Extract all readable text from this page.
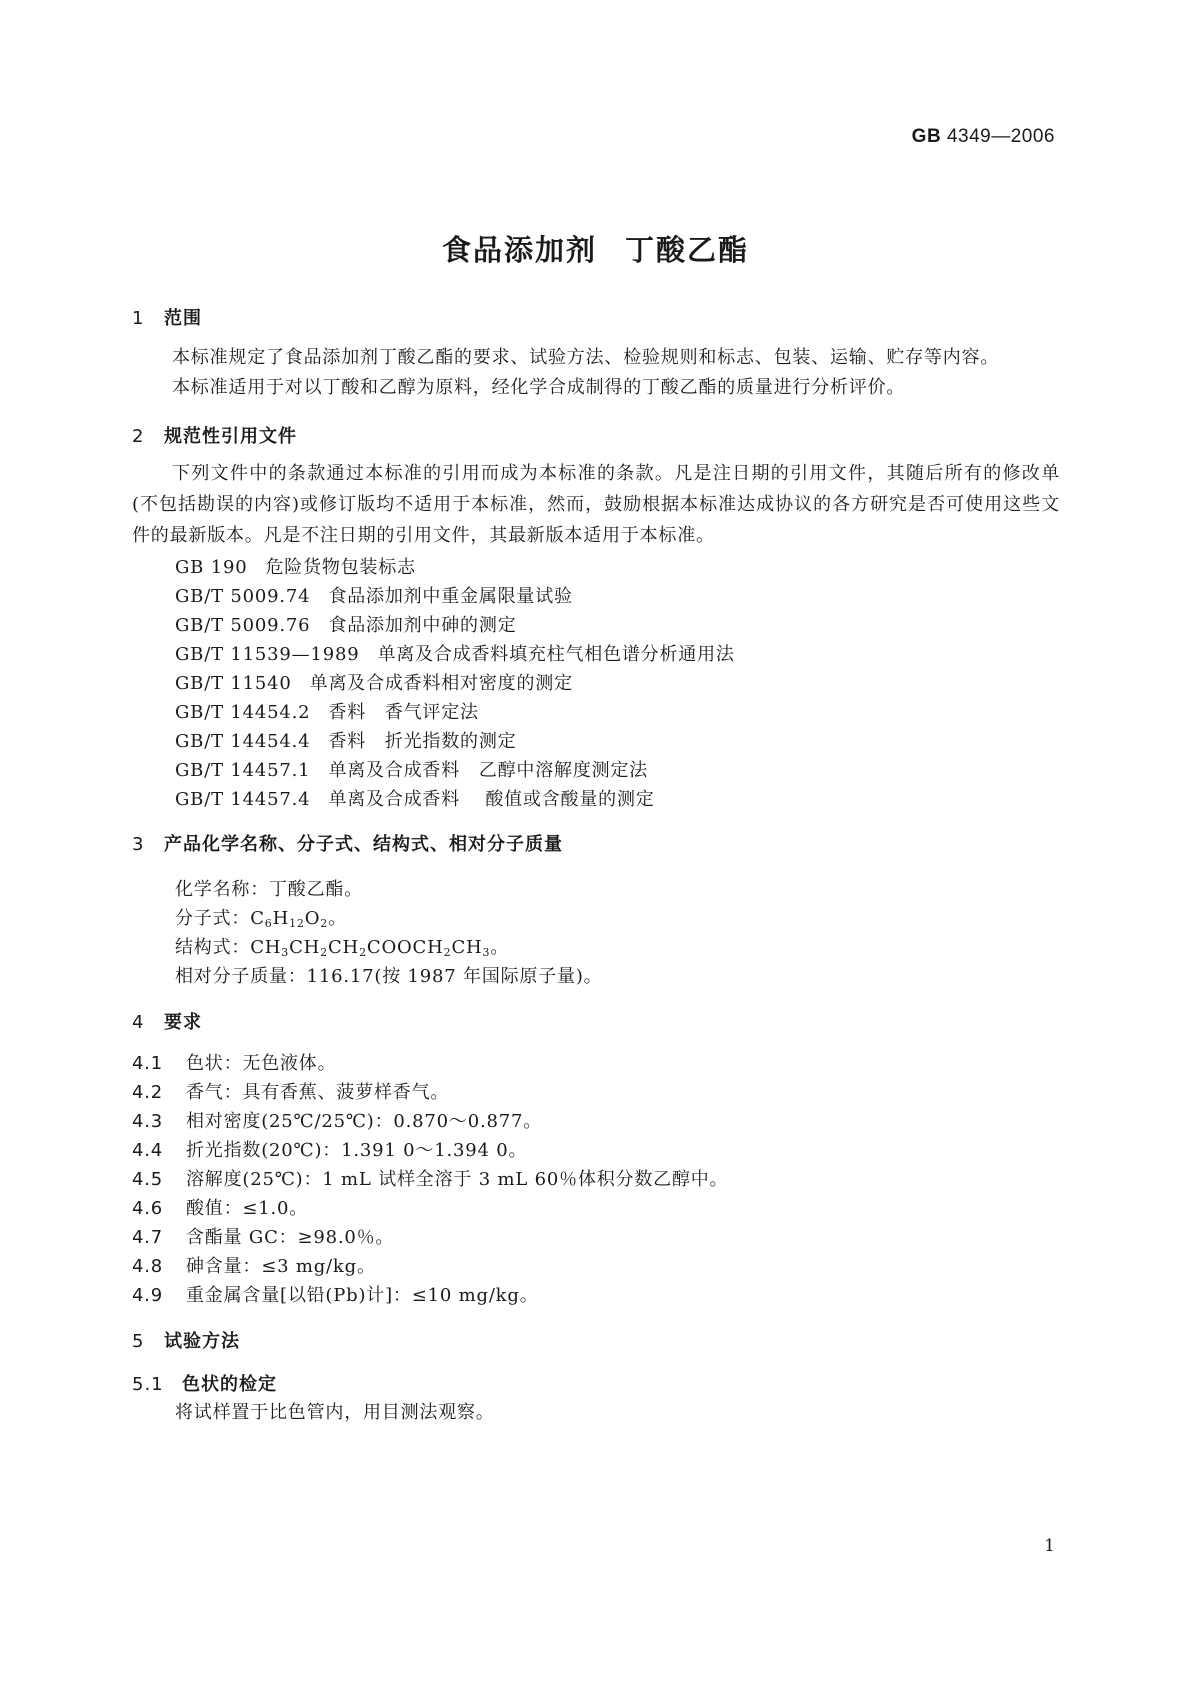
GB 4349—2006
食品添加剂 丁酸乙酯
1 范围
本标准规定了食品添加剂丁酸乙酯的要求、试验方法、检验规则和标志、包装、运输、贮存等内容。
本标准适用于对以丁酸和乙醇为原料，经化学合成制得的丁酸乙酯的质量进行分析评价。
2 规范性引用文件
下列文件中的条款通过本标准的引用而成为本标准的条款。凡是注日期的引用文件，其随后所有的修改单(不包括勘误的内容)或修订版均不适用于本标准，然而，鼓励根据本标准达成协议的各方研究是否可使用这些文件的最新版本。凡是不注日期的引用文件，其最新版本适用于本标准。
GB 190 危险货物包装标志
GB/T 5009.74 食品添加剂中重金属限量试验
GB/T 5009.76 食品添加剂中砷的测定
GB/T 11539—1989 单离及合成香料填充柱气相色谱分析通用法
GB/T 11540 单离及合成香料相对密度的测定
GB/T 14454.2 香料　香气评定法
GB/T 14454.4 香料　折光指数的测定
GB/T 14457.1 单离及合成香料　乙醇中溶解度测定法
GB/T 14457.4 单离及合成香料　 酸值或含酸量的测定
3 产品化学名称、分子式、结构式、相对分子质量
化学名称：丁酸乙酯。
分子式：$C_6H_{12}O_2$。
结构式：$CH_3CH_2CH_2COOCH_2CH_3$。
相对分子质量：116.17(按 1987 年国际原子量)。
4 要求
4.1 色状：无色液体。
4.2 香气：具有香蕉、菠萝样香气。
4.3 相对密度(25℃/25℃)：0.870～0.877。
4.4 折光指数(20℃)：1.391 0～1.394 0。
4.5 溶解度(25℃)：1 mL 试样全溶于 3 mL 60％体积分数乙醇中。
4.6 酸值：≤1.0。
4.7 含酯量 GC：≥98.0％。
4.8 砷含量：≤3 mg/kg。
4.9 重金属含量[以铅(Pb)计]：≤10 mg/kg。
5 试验方法
5.1 色状的检定
将试样置于比色管内，用目测法观察。
1
